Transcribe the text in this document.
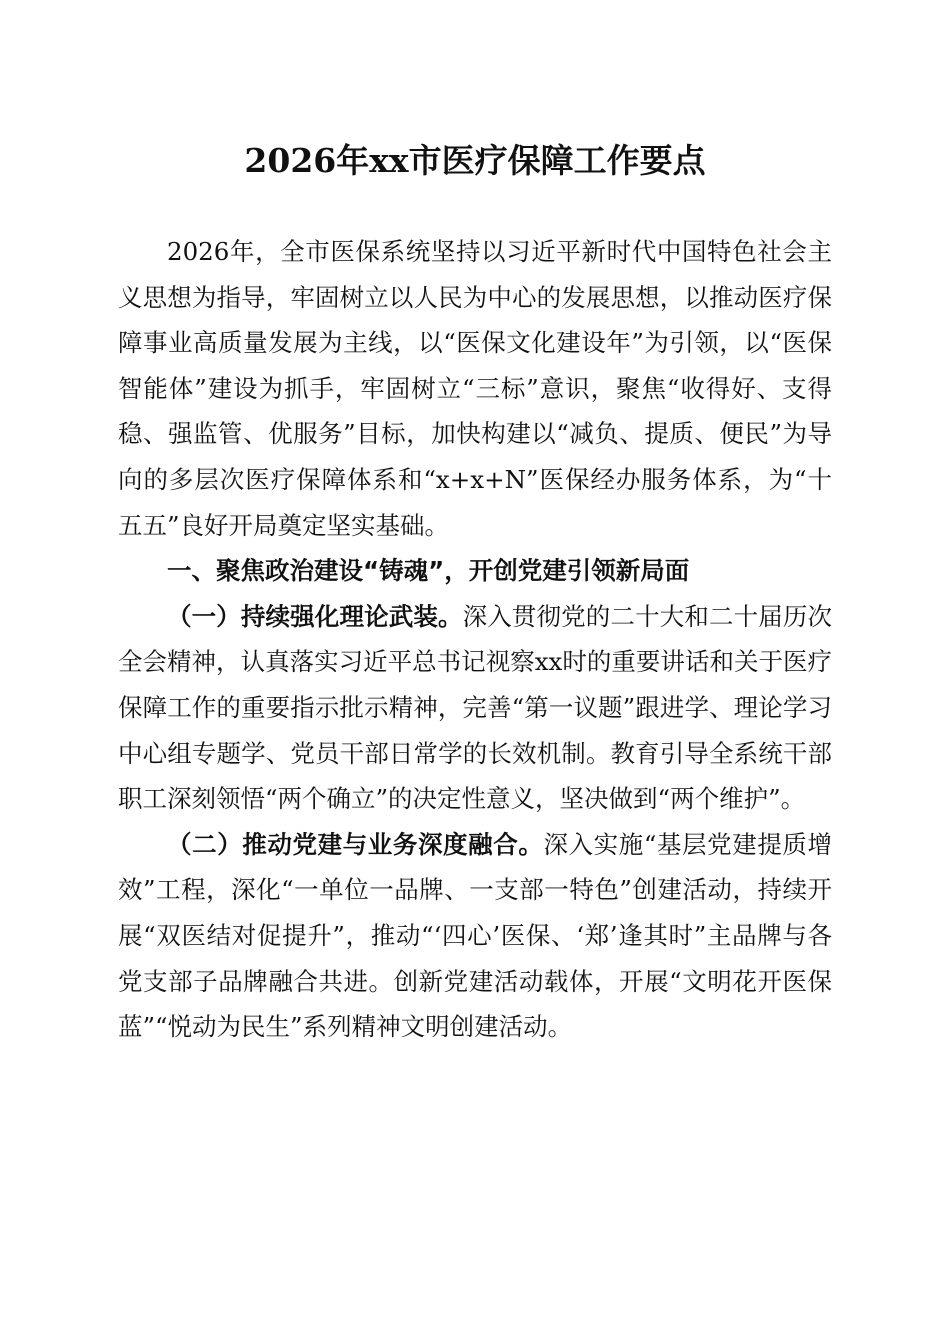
2026年xx市医疗保障工作要点

2026年，全市医保系统坚持以习近平新时代中国特色社会主义思想为指导，牢固树立以人民为中心的发展思想，以推动医疗保障事业高质量发展为主线，以“医保文化建设年”为引领，以“医保智能体”建设为抓手，牢固树立“三标”意识，聚焦“收得好、支得稳、强监管、优服务”目标，加快构建以“减负、提质、便民”为导向的多层次医疗保障体系和“x+x+N”医保经办服务体系，为“十五五”良好开局奠定坚实基础。

一、聚焦政治建设“铸魂”，开创党建引领新局面

（一）持续强化理论武装。深入贯彻党的二十大和二十届历次全会精神，认真落实习近平总书记视察xx时的重要讲话和关于医疗保障工作的重要指示批示精神，完善“第一议题”跟进学、理论学习中心组专题学、党员干部日常学的长效机制。教育引导全系统干部职工深刻领悟“两个确立”的决定性意义，坚决做到“两个维护”。

（二）推动党建与业务深度融合。深入实施“基层党建提质增效”工程，深化“一单位一品牌、一支部一特色”创建活动，持续开展“双医结对促提升”，推动“‘四心’医保、‘郑’逢其时”主品牌与各党支部子品牌融合共进。创新党建活动载体，开展“文明花开医保蓝”“悦动为民生”系列精神文明创建活动。
